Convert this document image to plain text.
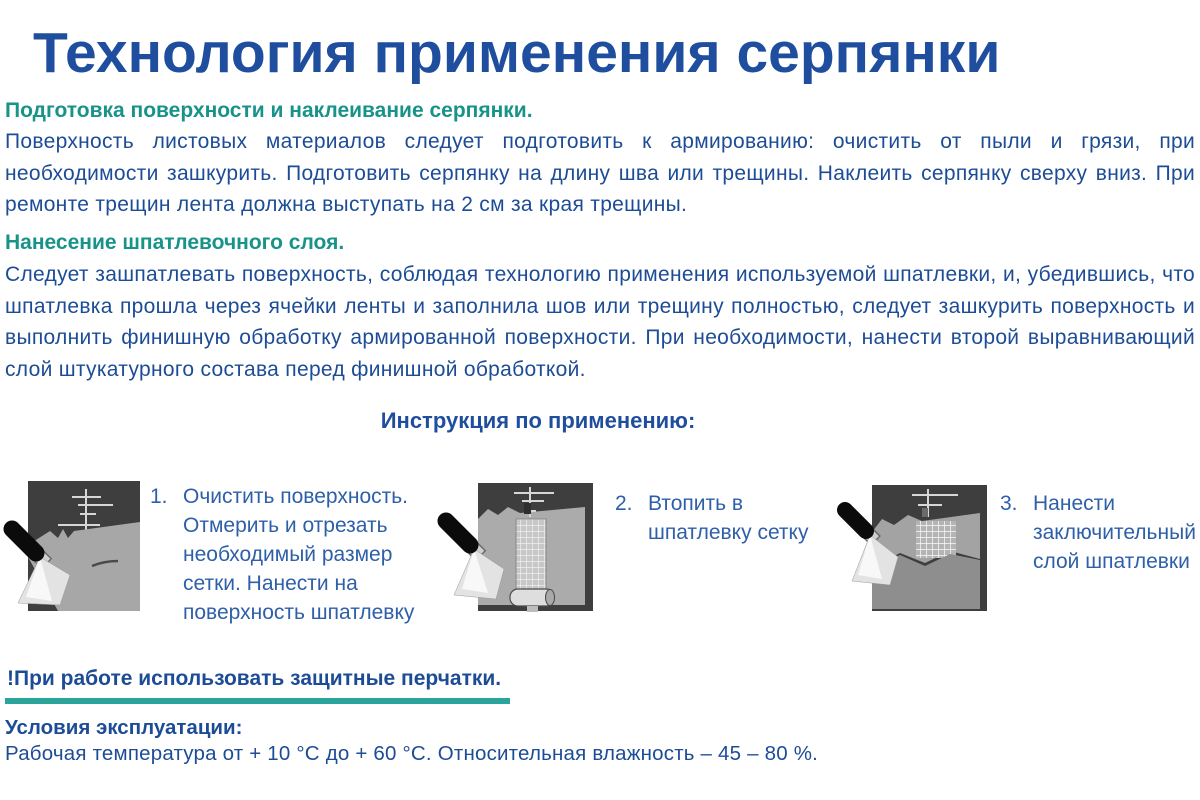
Технология применения серпянки
Подготовка поверхности и наклеивание серпянки.
Поверхность листовых материалов следует подготовить к армированию: очистить от пыли и грязи, при необходимости зашкурить. Подготовить серпянку на длину шва или трещины. Наклеить серпянку сверху вниз. При ремонте трещин лента должна выступать на 2 см за края трещины.
Нанесение шпатлевочного слоя.
Следует зашпатлевать поверхность, соблюдая технологию применения используемой шпатлевки, и, убедившись, что шпатлевка прошла через ячейки ленты и заполнила шов или трещину полностью, следует зашкурить поверхность и выполнить финишную обработку армированной поверхности. При необходимости, нанести второй выравнивающий слой штукатурного состава перед финишной обработкой.
Инструкция по применению:
1. Очистить поверхность. Отмерить и отрезать необходимый размер сетки. Нанести на поверхность шпатлевку
2. Втопить в шпатлевку сетку
3. Нанести заключительный слой шпатлевки
!При работе использовать защитные перчатки.
Условия эксплуатации:
Рабочая температура от + 10 °С до + 60 °С. Относительная влажность – 45 – 80 %.
